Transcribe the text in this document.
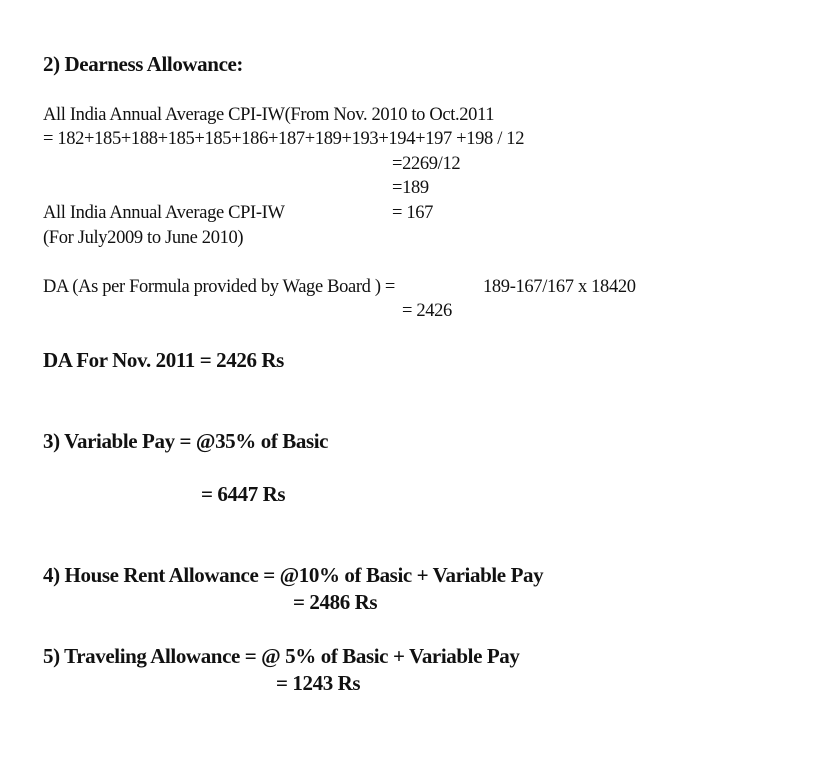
2) Dearness Allowance:
All India Annual Average CPI-IW(From Nov. 2010 to Oct.2011
= 182+185+188+185+185+186+187+189+193+194+197 +198 / 12
=2269/12
=189
All India Annual Average CPI-IW	= 167
(For July2009 to June 2010)
DA (As per Formula provided by Wage Board ) =	189-167/167 x 18420
= 2426
DA For Nov. 2011 = 2426 Rs
3) Variable Pay = @35% of Basic
= 6447 Rs
4) House Rent Allowance = @10% of Basic + Variable Pay
= 2486 Rs
5) Traveling Allowance = @ 5% of Basic + Variable Pay
= 1243 Rs
